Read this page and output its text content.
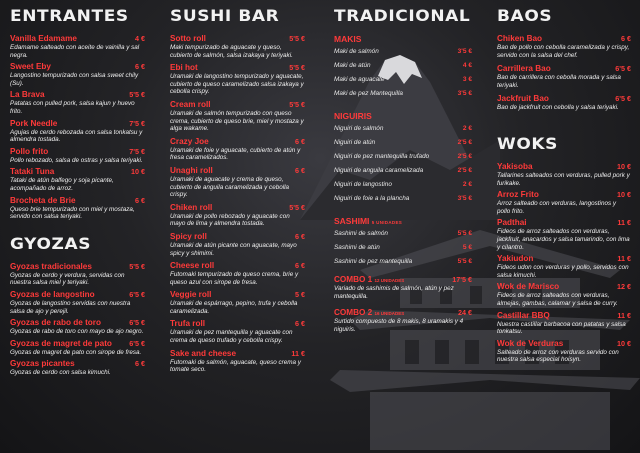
ENTRANTES
Vanilla Edamame	4 €
Edamame salteado con aceite de vainilla y sal negra.
Sweet Eby	6 €
Langostino tempurizado con salsa sweet chily (Su).
La Brava	5'5 €
Patatas con pulled pork, salsa kajun y huevo frito.
Pork Needle	7'5 €
Agujas de cerdo rebozada con salsa tonkatsu y almendra tostada.
Pollo frito	7'5 €
Pollo rebozado, salsa de ostras y salsa teriyaki.
Tataki Tuna	10 €
Tataki de atún balfego y soja picante, acompañado de arroz.
Brocheta de Brie	6 €
Queso brie tempurizado con miel y mostaza, servido con salsa teriyaki.
GYOZAS
Gyozas tradicionales	5'5 €
Gyozas de cerdo y verdura, servidas con nuestra salsa miel y teriyaki.
Gyozas de langostino	6'5 €
Gyozas de langostino servidas con nuestra salsa de ajo y perejil.
Gyozas de rabo de toro	6'5 €
Gyozas de rabo de toro con mayo de ajo negro.
Gyozas de magret de pato 6'5 €
Gyozas de magret de pato con sirope de fresa.
Gyozas picantes	6 €
Gyozas de cerdo con salsa kimuchi.
SUSHI BAR
Sotto roll	5'5 €
Maki tempurizado de aguacate y queso, cubierto de salmón, salsa izakaya y teriyaki.
Ebi hot	5'5 €
Uramaki de langostino tempurizado y aguacate, cubierto de queso caramelizado salsa izakaya y cebolla crispy.
Cream roll	5'5 €
Uramaki de salmón tempurizado con queso crema, cubierto de queso brie, miel y mostaza y alga wakame.
Crazy Joe	6 €
Uramaki de foie y aguacate, cubierto de atún y fresa caramelizados.
Unaghi roll	6 €
Uramaki de aguacate y crema de queso, cubierto de anguila caramelizada y cebolla crispy.
Chiken roll	5'5 €
Uramaki de pollo rebozado y aguacate con mayo de lima y almendra tostada.
Spicy roll	6 €
Uramaki de atún picante con aguacate, mayo spicy y shimimi.
Cheese roll	6 €
Futomaki tempurizado de queso crema, brie y queso azul con sirope de fresa.
Veggie roll	5 €
Uramaki de espárrago, pepino, trufa y cebolla caramelizada.
Trufa roll	6 €
Uramaki de pez mantequilla y aguacate con crema de queso trufado y cebolla crispy.
Sake and cheese	11 €
Futomaki de salmón, aguacate, queso crema y tomate seco.
TRADICIONAL
MAKIS
Maki de salmón	3'5 €
Maki de atún	4 €
Maki de aguacate	3 €
Maki de pez Mantequilla	3'5 €
NIGUIRIS
Niguiri de salmón	2 €
Niguiri de atún	2'5 €
Niguiri de pez mantequilla trufado	2'5 €
Niguiri de anguila caramelizada	2'5 €
Niguiri de langostino	2 €
Niguiri de foie a la plancha	3'5 €
SASHIMI 5 UNIDADES
Sashimi de salmón	5'5 €
Sashimi de atún	5 €
Sashimi de pez mantequilla	5'5 €
COMBO 1 12 UNIDADES	17'5 €
Variado de sashimis de salmón, atún y pez mantequilla.
COMBO 2 16 UNIDADES	24 €
Surtido compuesto de 8 makis, 8 uramakis y 4 niguiris.
BAOS
Chiken Bao	6 €
Bao de pollo con cebolla caramelizada y crispy, servido con la salsa del chef.
Carrillera Bao	6'5 €
Bao de carrillera con cebolla morada y salsa teriyaki.
Jackfruit Bao	6'5 €
Bao de jackfruit con cebolla y salsa teriyaki.
WOKS
Yakisoba	10 €
Tallarines salteados con verduras, pulled pork y furikake.
Arroz Frito	10 €
Arroz salteado con verduras, langostinos y pollo frito.
Padthai	11 €
Fideos de arroz salteados con verduras, jackfruit, anacardos y salsa tamarindo, con lima y cilantro.
Yakiudon	11 €
Fideos udon con verduras y pollo, servidos con salsa kimuchi.
Wok de Marisco	12 €
Fideos de arroz salteados con verduras, almejas, gambas, calamar y salsa de curry.
Castillar BBQ	11 €
Nuestra castillar barbacoa con patatas y salsa tonkatsu.
Wok de Verduras	10 €
Salteado de arroz con verduras servido con nuestra salsa especial hoisyn.
